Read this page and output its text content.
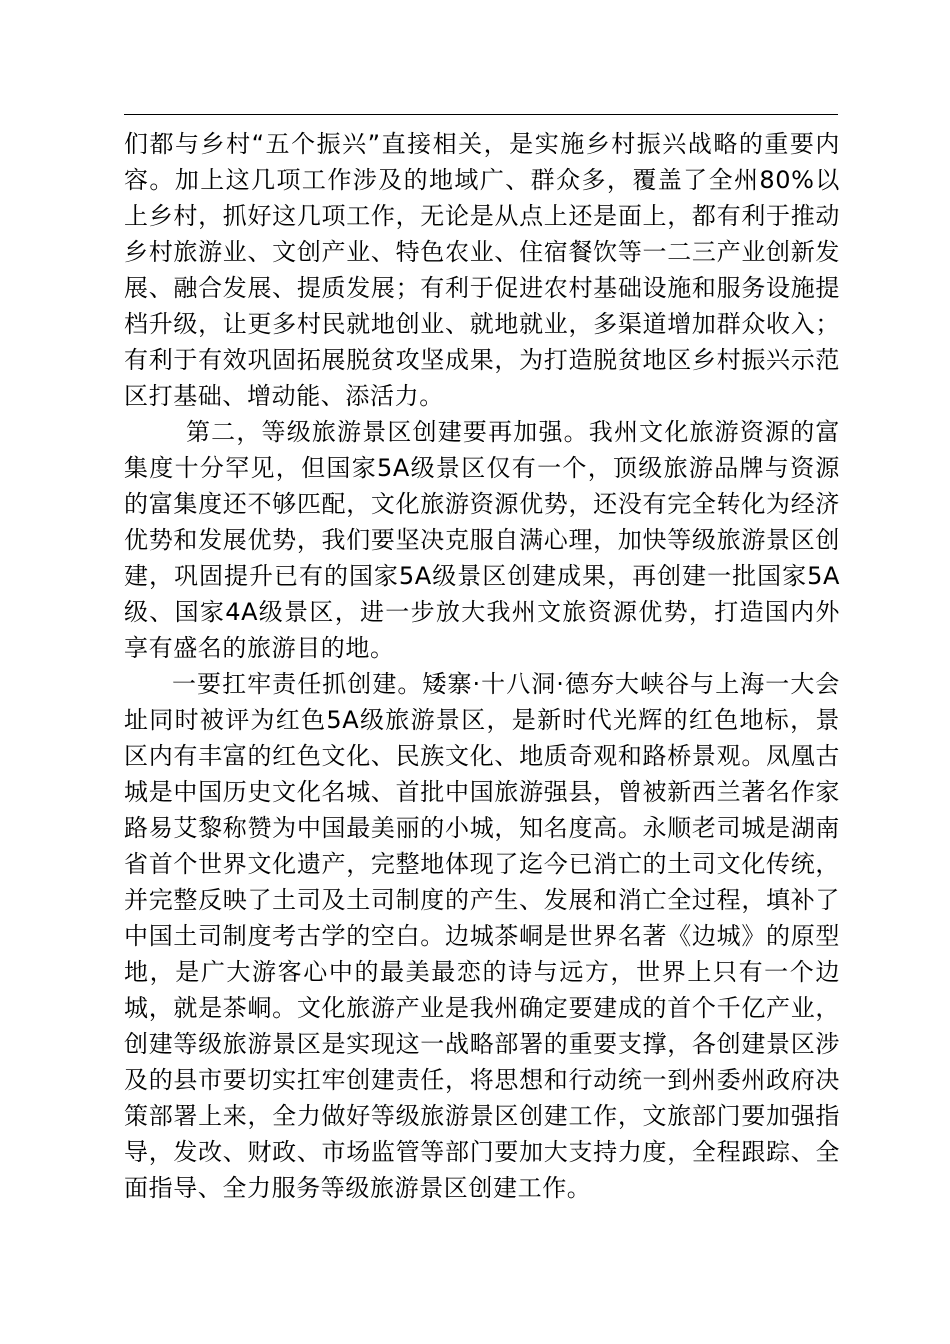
们都与乡村“五个振兴”直接相关，是实施乡村振兴战略的重要内容。加上这几项工作涉及的地域广、群众多，覆盖了全州80%以上乡村，抓好这几项工作，无论是从点上还是面上，都有利于推动乡村旅游业、文创产业、特色农业、住宿餐饮等一二三产业创新发展、融合发展、提质发展；有利于促进农村基础设施和服务设施提档升级，让更多村民就地创业、就地就业，多渠道增加群众收入；有利于有效巩固拓展脱贫攻坚成果，为打造脱贫地区乡村振兴示范区打基础、增动能、添活力。

第二，等级旅游景区创建要再加强。我州文化旅游资源的富集度十分罕见，但国家5A级景区仅有一个，顶级旅游品牌与资源的富集度还不够匹配，文化旅游资源优势，还没有完全转化为经济优势和发展优势，我们要坚决克服自满心理，加快等级旅游景区创建，巩固提升已有的国家5A级景区创建成果，再创建一批国家5A级、国家4A级景区，进一步放大我州文旅资源优势，打造国内外享有盛名的旅游目的地。

一要扛牢责任抓创建。矮寨·十八洞·德夯大峡谷与上海一大会址同时被评为红色5A级旅游景区，是新时代光辉的红色地标，景区内有丰富的红色文化、民族文化、地质奇观和路桥景观。凤凰古城是中国历史文化名城、首批中国旅游强县，曾被新西兰著名作家路易艾黎称赞为中国最美丽的小城，知名度高。永顺老司城是湖南省首个世界文化遗产，完整地体现了迄今已消亡的土司文化传统，并完整反映了土司及土司制度的产生、发展和消亡全过程，填补了中国土司制度考古学的空白。边城茶峒是世界名著《边城》的原型地，是广大游客心中的最美最恋的诗与远方，世界上只有一个边城，就是茶峒。文化旅游产业是我州确定要建成的首个千亿产业，创建等级旅游景区是实现这一战略部署的重要支撑，各创建景区涉及的县市要切实扛牢创建责任，将思想和行动统一到州委州政府决策部署上来，全力做好等级旅游景区创建工作，文旅部门要加强指导，发改、财政、市场监管等部门要加大支持力度，全程跟踪、全面指导、全力服务等级旅游景区创建工作。
